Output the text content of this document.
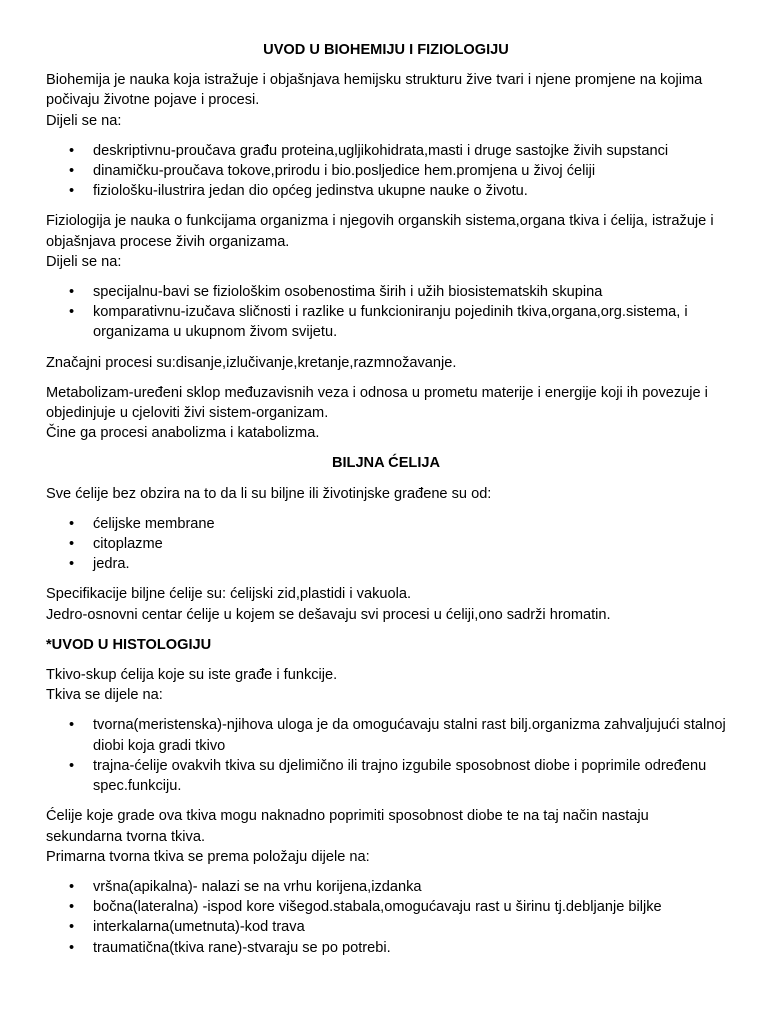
UVOD U BIOHEMIJU I FIZIOLOGIJU

Biohemija je nauka koja istražuje i objašnjava hemijsku strukturu žive tvari i njene promjene na kojima počivaju životne pojave i procesi.

Dijeli se na:

• deskriptivnu-proučava građu proteina,ugljikohidrata,masti i druge sastojke živih supstanci
• dinamičku-proučava tokove,prirodu i bio.posljedice hem.promjena u živoj ćeliji
• fiziološku-ilustrira jedan dio općeg jedinstva ukupne nauke o životu.

Fiziologija je nauka o funkcijama organizma i njegovih organskih sistema,organa tkiva i ćelija, istražuje i objašnjava procese živih organizama.

Dijeli se na:

• specijalnu-bavi se fiziološkim osobenostima širih i užih biosistematskih skupina
• komparativnu-izučava sličnosti i razlike u funkcioniranju pojedinih tkiva,organa,org.sistema, i organizama u ukupnom živom svijetu.

Značajni procesi su:disanje,izlučivanje,kretanje,razmnožavanje.

Metabolizam-uređeni sklop međuzavisnih veza i odnosa u prometu materije i energije koji ih povezuje i objedinjuje u cjeloviti živi sistem-organizam.

Čine ga procesi anabolizma i katabolizma.

BILJNA ĆELIJA

Sve ćelije bez obzira na to da li su biljne ili životinjske građene su od:

• ćelijske membrane
• citoplazme
• jedra.

Specifikacije biljne ćelije su: ćelijski zid,plastidi i vakuola.

Jedro-osnovni centar ćelije u kojem se dešavaju svi procesi u ćeliji,ono sadrži hromatin.

*UVOD U HISTOLOGIJU

Tkivo-skup ćelija koje su iste građe i funkcije.

Tkiva se dijele na:

• tvorna(meristenska)-njihova uloga je da omogućavaju stalni rast bilj.organizma zahvaljujući stalnoj diobi koja gradi tkivo
• trajna-ćelije ovakvih tkiva su djelimično ili trajno izgubile sposobnost diobe i poprimile određenu spec.funkciju.

Ćelije koje grade ova tkiva mogu naknadno poprimiti sposobnost diobe te na taj način nastaju sekundarna tvorna tkiva.

Primarna tvorna tkiva se prema položaju dijele na:

• vršna(apikalna)- nalazi se na vrhu korijena,izdanka
• bočna(lateralna) -ispod kore višegod.stabala,omogućavaju rast u širinu tj.debljanje biljke
• interkalarna(umetnuta)-kod trava
• traumatična(tkiva rane)-stvaraju se po potrebi.
